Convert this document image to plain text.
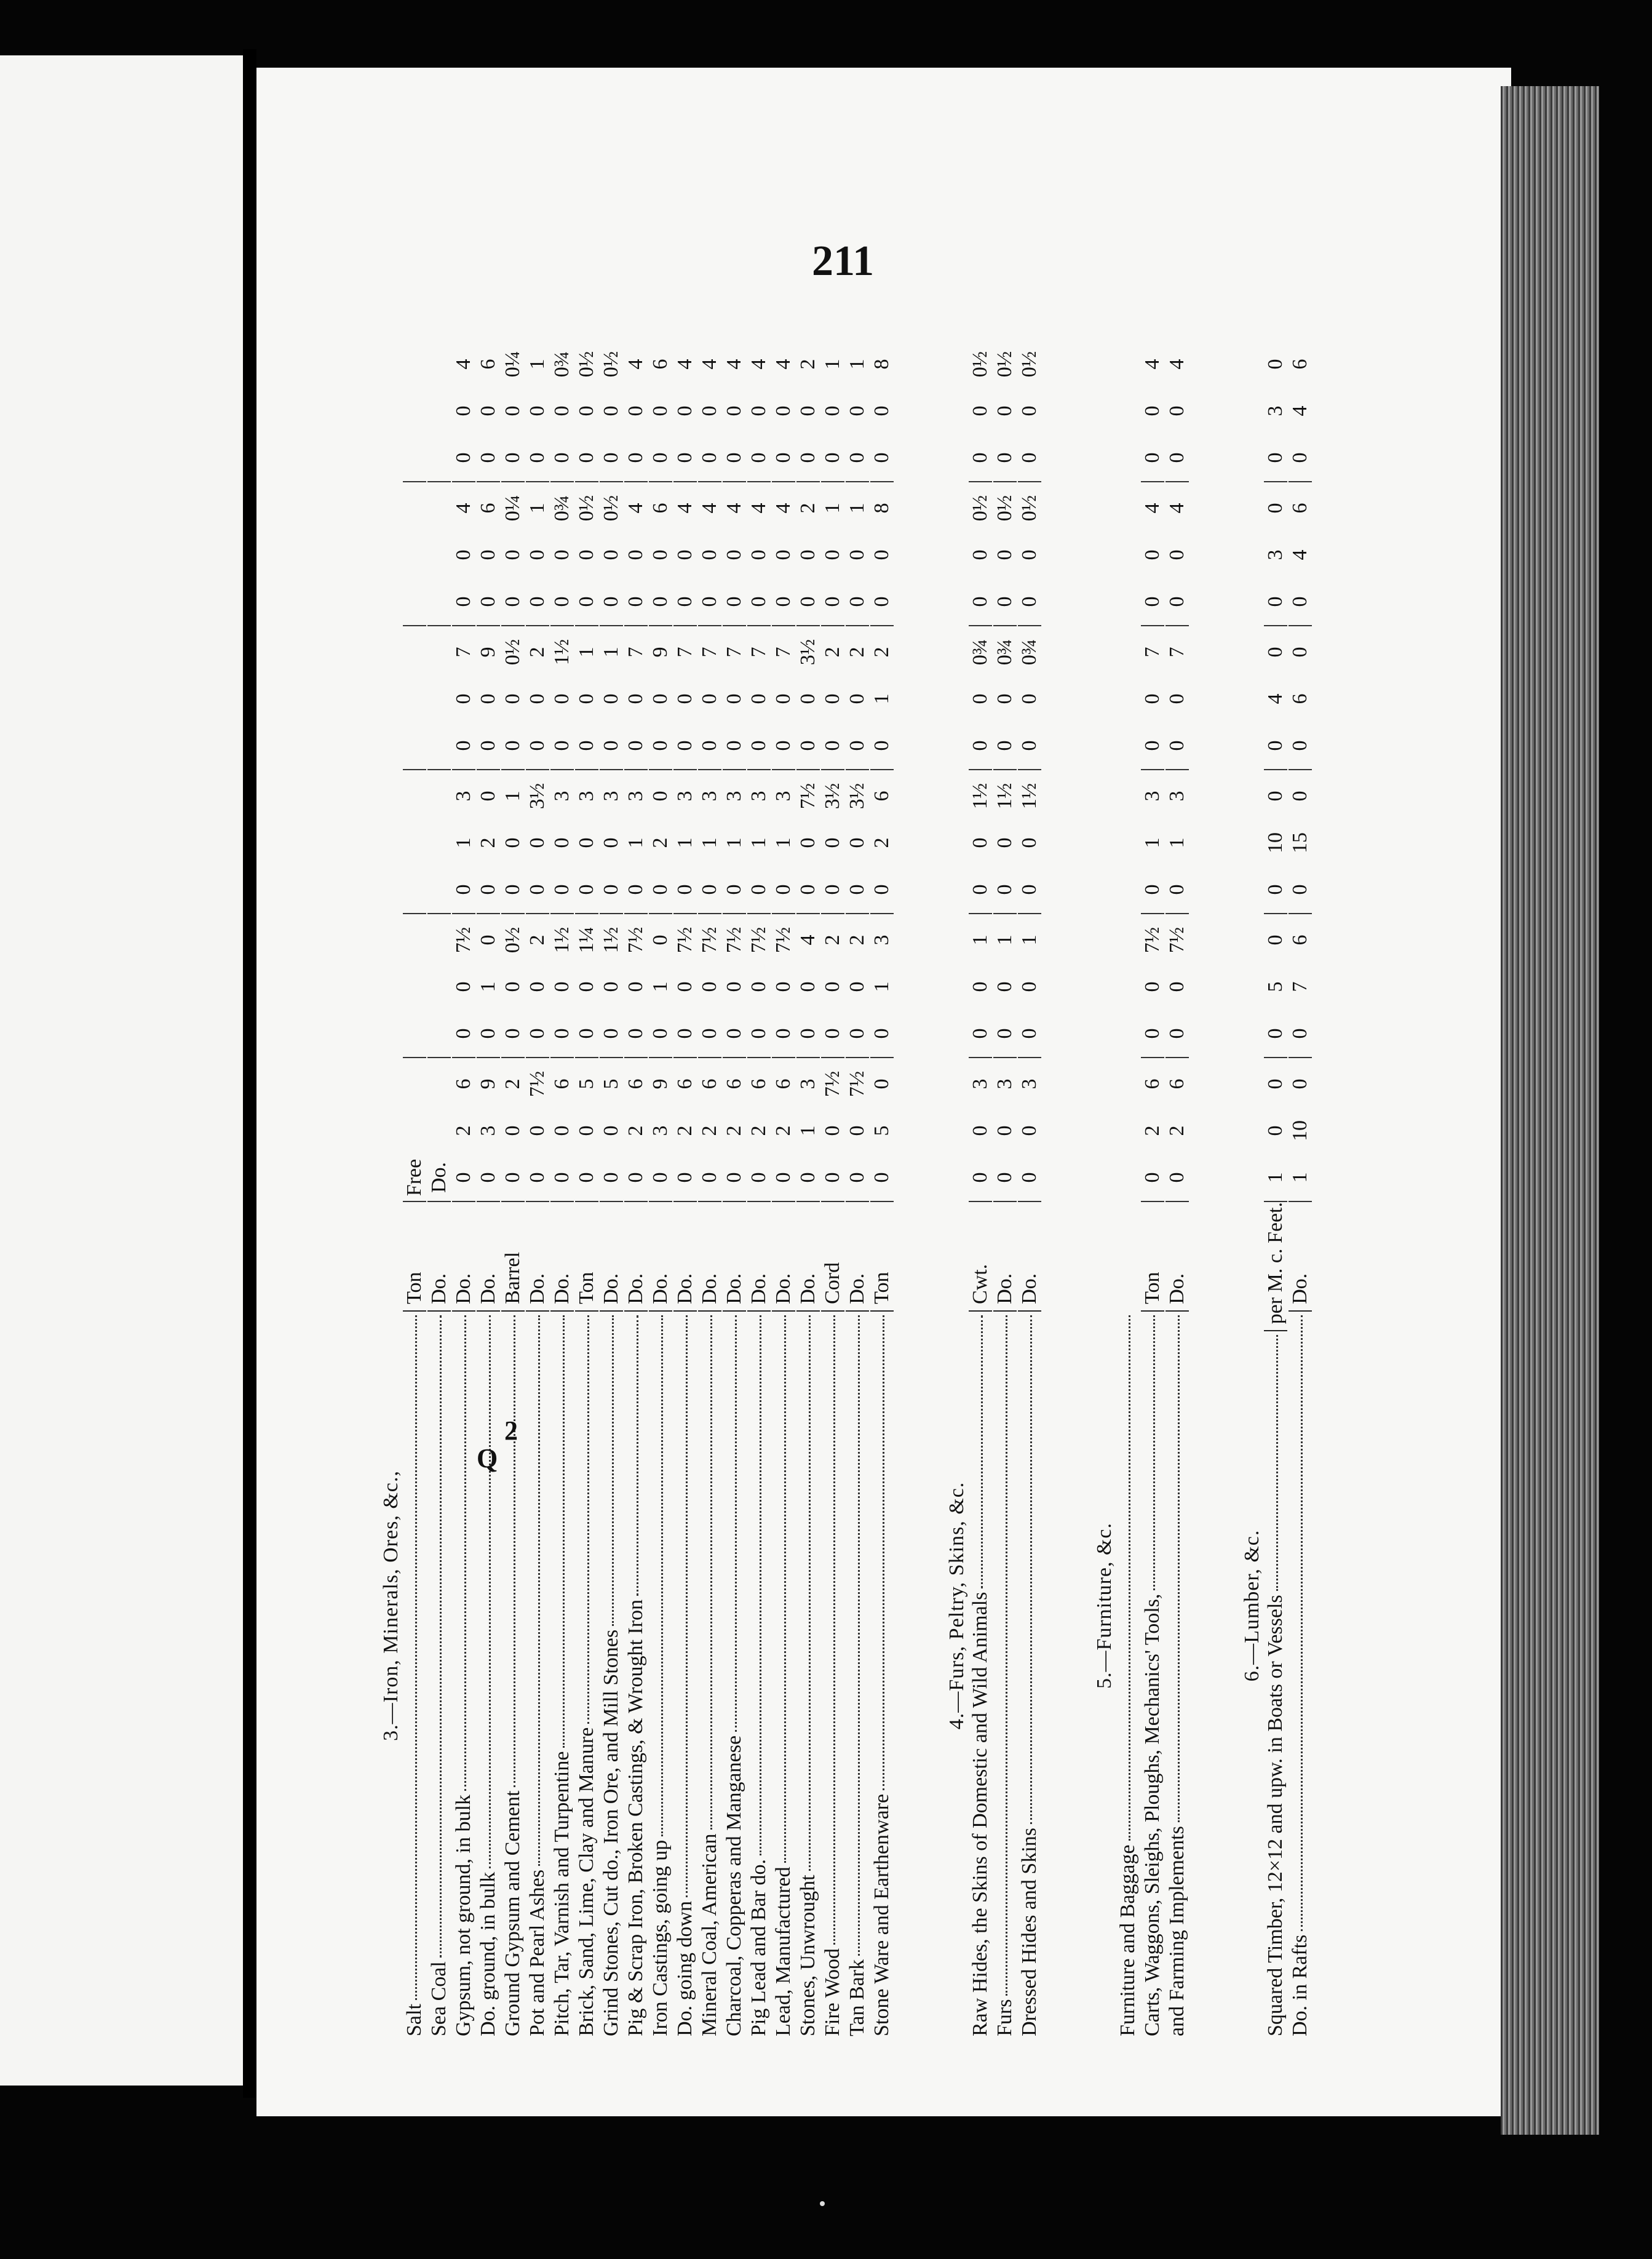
211
3.—Iron, Minerals, Ores, &c.,
Salt
Ton
Free
Sea Coal
Do.
Do.
Gypsum, not ground, in bulk
Do.
0
2
6
0
0
7½
0
1
3
0
0
7
0
0
4
0
0
4
Do. ground, in bulk
Do.
0
3
9
0
1
0
0
2
0
0
0
9
0
0
6
0
0
6
Ground Gypsum and Cement
Barrel
0
0
2
0
0
0½
0
0
1
0
0
0½
0
0
0¼
0
0
0¼
Pot and Pearl Ashes
Do.
0
0
7½
0
0
2
0
0
3½
0
0
2
0
0
1
0
0
1
Pitch, Tar, Varnish and Turpentine
Do.
0
0
6
0
0
1½
0
0
3
0
0
1½
0
0
0¾
0
0
0¾
Brick, Sand, Lime, Clay and Manure
Ton
0
0
5
0
0
1¼
0
0
3
0
0
1
0
0
0½
0
0
0½
Grind Stones, Cut do., Iron Ore, and Mill Stones
Do.
0
0
5
0
0
1½
0
0
3
0
0
1
0
0
0½
0
0
0½
Pig & Scrap Iron, Broken Castings, & Wrought Iron
Do.
0
2
6
0
0
7½
0
1
3
0
0
7
0
0
4
0
0
4
Iron Castings, going up
Do.
0
3
9
0
1
0
0
2
0
0
0
9
0
0
6
0
0
6
Do. going down
Do.
0
2
6
0
0
7½
0
1
3
0
0
7
0
0
4
0
0
4
Mineral Coal, American
Do.
0
2
6
0
0
7½
0
1
3
0
0
7
0
0
4
0
0
4
Charcoal, Copperas and Manganese
Do.
0
2
6
0
0
7½
0
1
3
0
0
7
0
0
4
0
0
4
Pig Lead and Bar do.
Do.
0
2
6
0
0
7½
0
1
3
0
0
7
0
0
4
0
0
4
Lead, Manufactured
Do.
0
2
6
0
0
7½
0
1
3
0
0
7
0
0
4
0
0
4
Stones, Unwrought
Do.
0
1
3
0
0
4
0
0
7½
0
0
3½
0
0
2
0
0
2
Fire Wood
Cord
0
0
7½
0
0
2
0
0
3½
0
0
2
0
0
1
0
0
1
Tan Bark
Do.
0
0
7½
0
0
2
0
0
3½
0
0
2
0
0
1
0
0
1
Stone Ware and Earthenware
Ton
0
5
0
0
1
3
0
2
6
0
1
2
0
0
8
0
0
8
4.—Furs, Peltry, Skins, &c. Raw Hides, the Skins of Domestic and Wild Animals
Cwt.
0
0
3
0
0
1
0
0
1½
0
0
0¾
0
0
0½
0
0
0½
Furs
Do.
0
0
3
0
0
1
0
0
1½
0
0
0¾
0
0
0½
0
0
0½
Dressed Hides and Skins
Do.
0
0
3
0
0
1
0
0
1½
0
0
0¾
0
0
0½
0
0
0½
5.—Furniture, &c.
Furniture and Baggage Carts, Waggons, Sleighs, Ploughs, Mechanics' Tools,
Ton
0
2
6
0
0
7½
0
1
3
0
0
7
0
0
4
0
0
4
and Farming Implements
Do.
0
2
6
0
0
7½
0
1
3
0
0
7
0
0
4
0
0
4
6.—Lumber, &c. Squared Timber, 12×12 and upw. in Boats or Vessels
per M. c. Feet.
1
0
0
0
5
0
0
10
0
0
4
0
0
3
0
0
3
0
Do. in Rafts
Do.
1
10
0
0
7
6
0
15
0
0
6
0
0
4
6
0
4
6
Q
2
